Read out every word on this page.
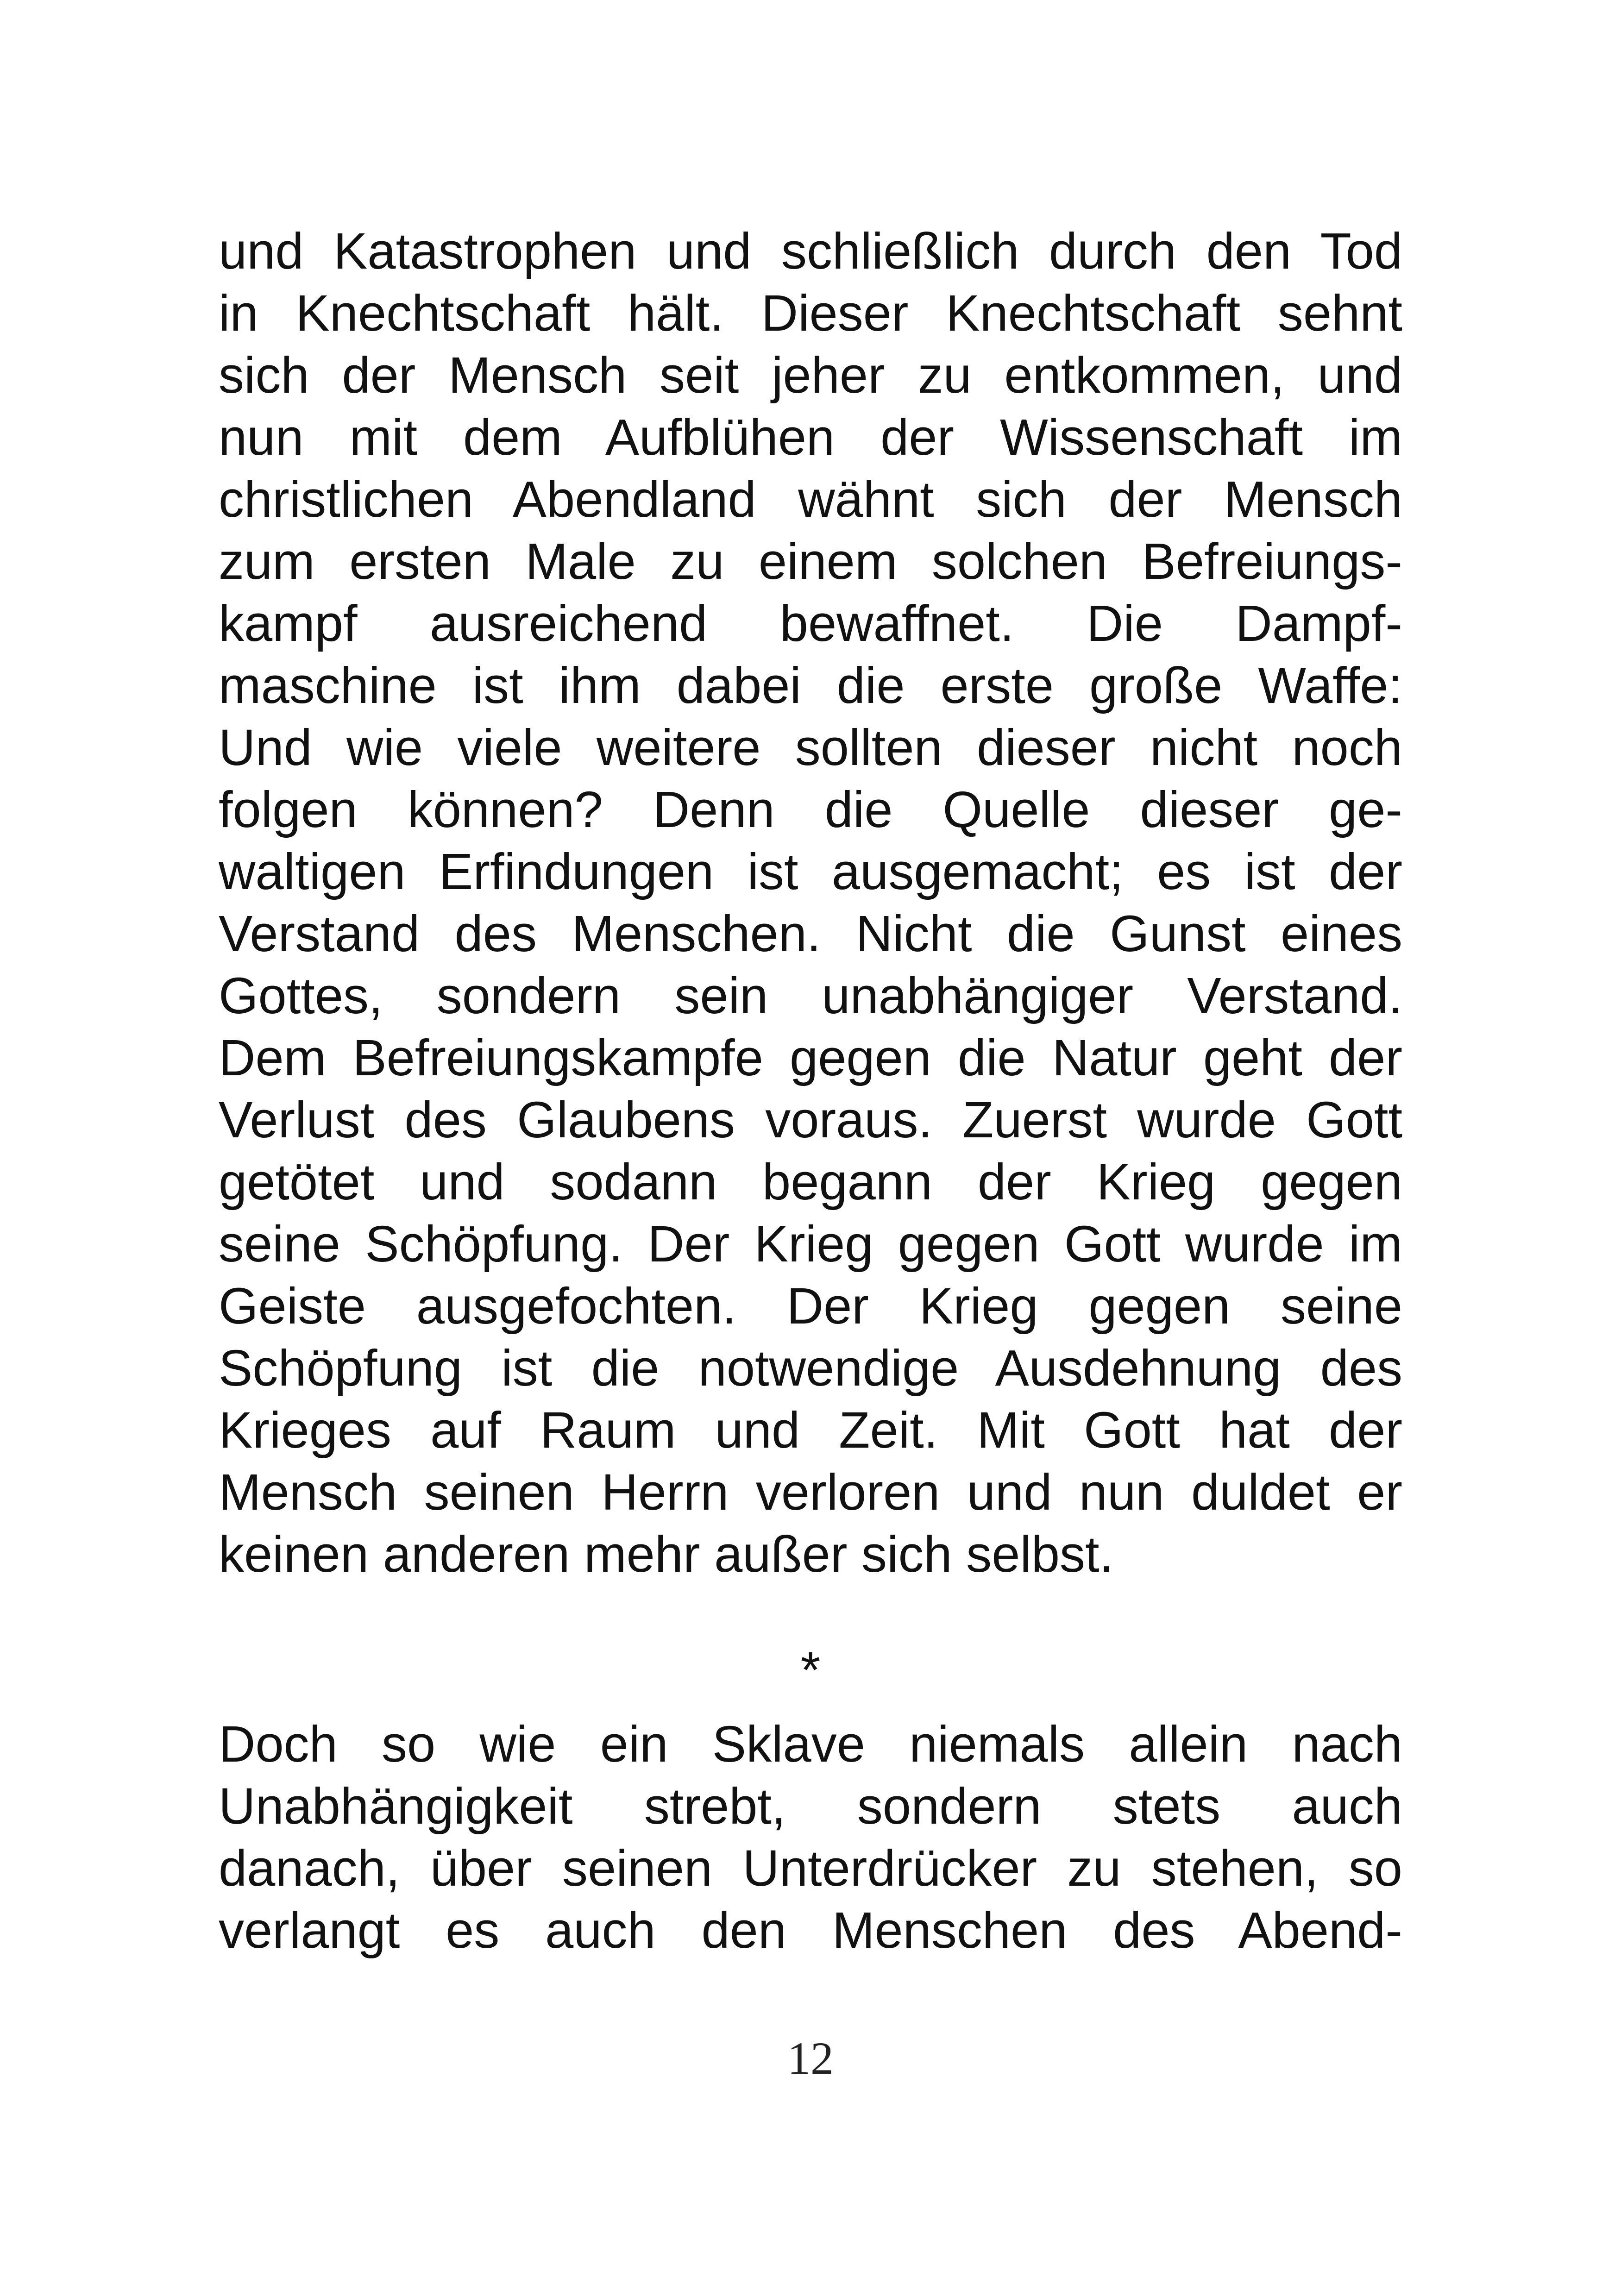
und Katastrophen und schließlich durch den Tod
in Knechtschaft hält. Dieser Knechtschaft sehnt
sich der Mensch seit jeher zu entkommen, und
nun mit dem Aufblühen der Wissenschaft im
christlichen Abendland wähnt sich der Mensch
zum ersten Male zu einem solchen Befreiungs-
kampf ausreichend bewaffnet. Die Dampf-
maschine ist ihm dabei die erste große Waffe:
Und wie viele weitere sollten dieser nicht noch
folgen können? Denn die Quelle dieser ge-
waltigen Erfindungen ist ausgemacht; es ist der
Verstand des Menschen. Nicht die Gunst eines
Gottes, sondern sein unabhängiger Verstand.
Dem Befreiungskampfe gegen die Natur geht der
Verlust des Glaubens voraus. Zuerst wurde Gott
getötet und sodann begann der Krieg gegen
seine Schöpfung. Der Krieg gegen Gott wurde im
Geiste ausgefochten. Der Krieg gegen seine
Schöpfung ist die notwendige Ausdehnung des
Krieges auf Raum und Zeit. Mit Gott hat der
Mensch seinen Herrn verloren und nun duldet er
keinen anderen mehr außer sich selbst.
*
Doch so wie ein Sklave niemals allein nach
Unabhängigkeit strebt, sondern stets auch
danach, über seinen Unterdrücker zu stehen, so
verlangt es auch den Menschen des Abend-
12
